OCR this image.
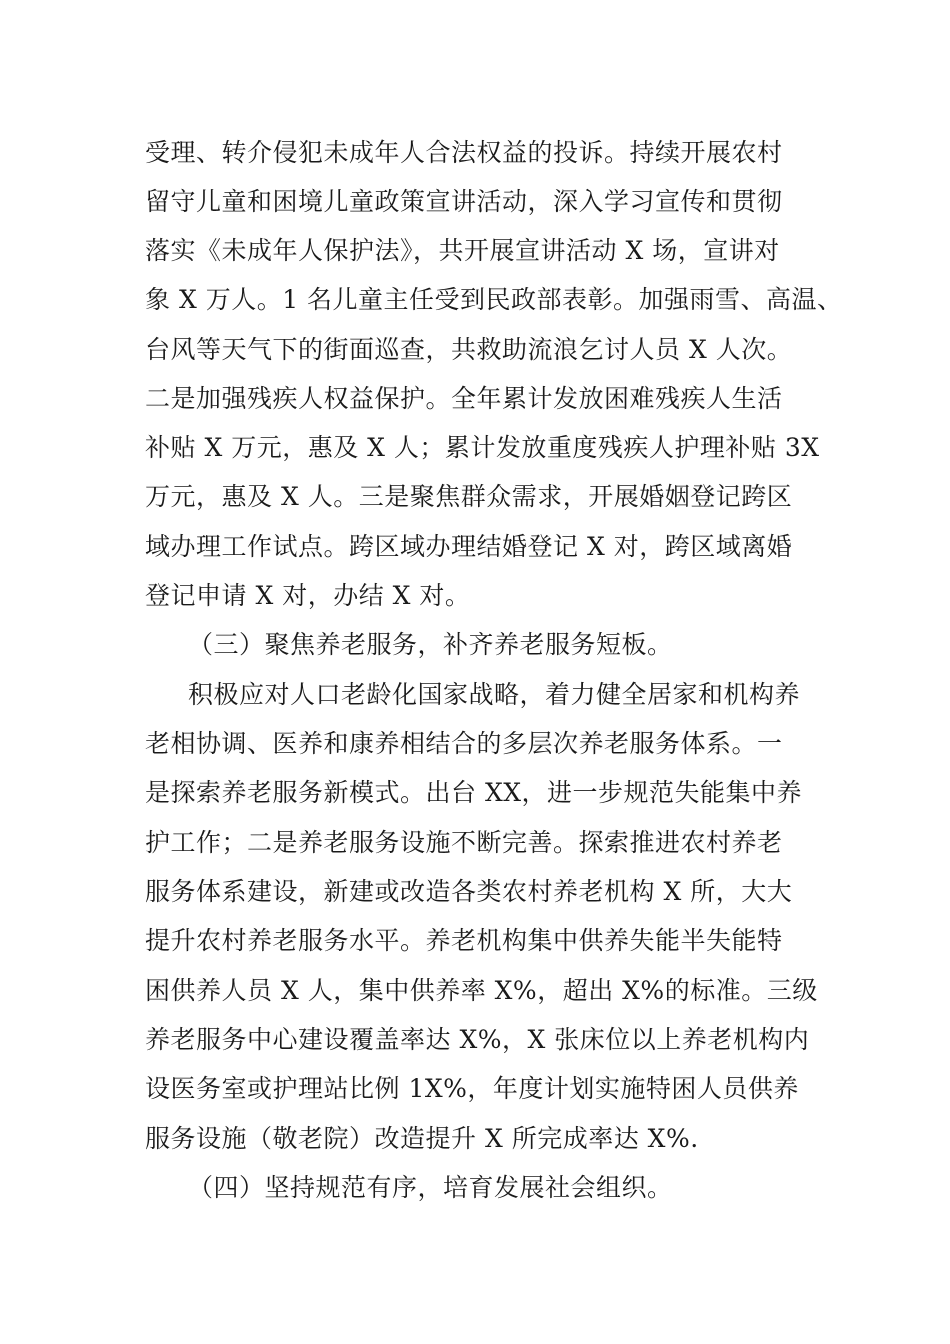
受理、转介侵犯未成年人合法权益的投诉。持续开展农村
留守儿童和困境儿童政策宣讲活动，深入学习宣传和贯彻
落实《未成年人保护法》，共开展宣讲活动 X 场，宣讲对
象 X 万人。1 名儿童主任受到民政部表彰。加强雨雪、高温、
台风等天气下的街面巡查，共救助流浪乞讨人员 X 人次。
二是加强残疾人权益保护。全年累计发放困难残疾人生活
补贴 X 万元，惠及 X 人；累计发放重度残疾人护理补贴 3X
万元，惠及 X 人。三是聚焦群众需求，开展婚姻登记跨区
域办理工作试点。跨区域办理结婚登记 X 对，跨区域离婚
登记申请 X 对，办结 X 对。
（三）聚焦养老服务，补齐养老服务短板。
积极应对人口老龄化国家战略，着力健全居家和机构养
老相协调、医养和康养相结合的多层次养老服务体系。一
是探索养老服务新模式。出台 XX，进一步规范失能集中养
护工作；二是养老服务设施不断完善。探索推进农村养老
服务体系建设，新建或改造各类农村养老机构 X 所，大大
提升农村养老服务水平。养老机构集中供养失能半失能特
困供养人员 X 人，集中供养率 X%，超出 X%的标准。三级
养老服务中心建设覆盖率达 X%，X 张床位以上养老机构内
设医务室或护理站比例 1X%，年度计划实施特困人员供养
服务设施（敬老院）改造提升 X 所完成率达 X%.
（四）坚持规范有序，培育发展社会组织。
